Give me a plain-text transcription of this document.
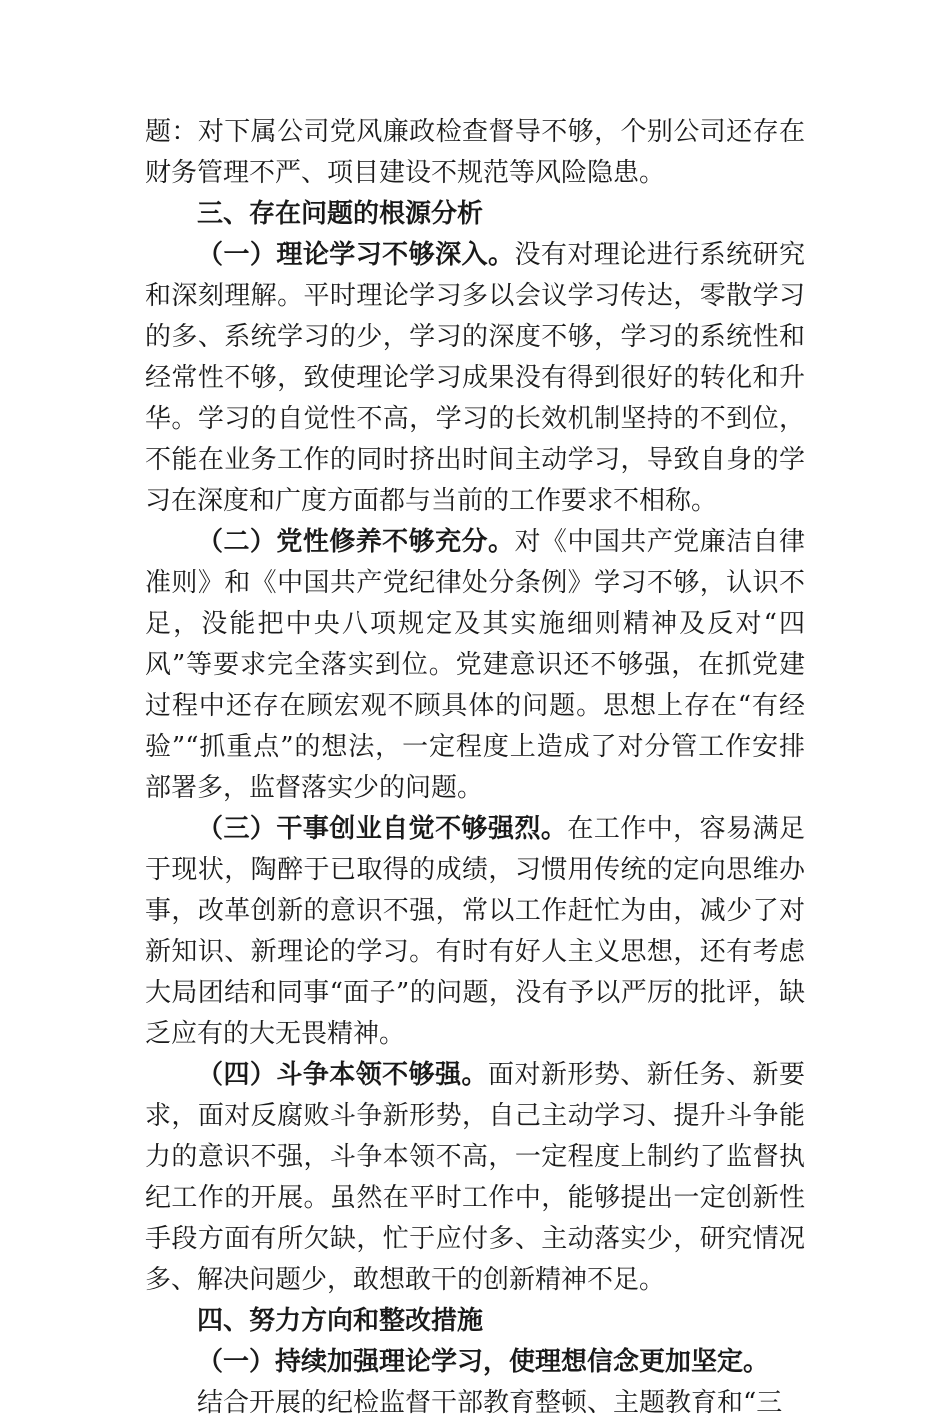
题：对下属公司党风廉政检查督导不够，个别公司还存在财务管理不严、项目建设不规范等风险隐患。

三、存在问题的根源分析

（一）理论学习不够深入。没有对理论进行系统研究和深刻理解。平时理论学习多以会议学习传达，零散学习的多、系统学习的少，学习的深度不够，学习的系统性和经常性不够，致使理论学习成果没有得到很好的转化和升华。学习的自觉性不高，学习的长效机制坚持的不到位，不能在业务工作的同时挤出时间主动学习，导致自身的学习在深度和广度方面都与当前的工作要求不相称。

（二）党性修养不够充分。对《中国共产党廉洁自律准则》和《中国共产党纪律处分条例》学习不够，认识不足，没能把中央八项规定及其实施细则精神及反对“四风”等要求完全落实到位。党建意识还不够强，在抓党建过程中还存在顾宏观不顾具体的问题。思想上存在“有经验”“抓重点”的想法，一定程度上造成了对分管工作安排部署多，监督落实少的问题。

（三）干事创业自觉不够强烈。在工作中，容易满足于现状，陶醉于已取得的成绩，习惯用传统的定向思维办事，改革创新的意识不强，常以工作赶忙为由，减少了对新知识、新理论的学习。有时有好人主义思想，还有考虑大局团结和同事“面子”的问题，没有予以严厉的批评，缺乏应有的大无畏精神。

（四）斗争本领不够强。面对新形势、新任务、新要求，面对反腐败斗争新形势，自己主动学习、提升斗争能力的意识不强，斗争本领不高，一定程度上制约了监督执纪工作的开展。虽然在平时工作中，能够提出一定创新性手段方面有所欠缺，忙于应付多、主动落实少，研究情况多、解决问题少，敢想敢干的创新精神不足。

四、努力方向和整改措施

（一）持续加强理论学习，使理想信念更加坚定。

结合开展的纪检监督干部教育整顿、主题教育和“三
